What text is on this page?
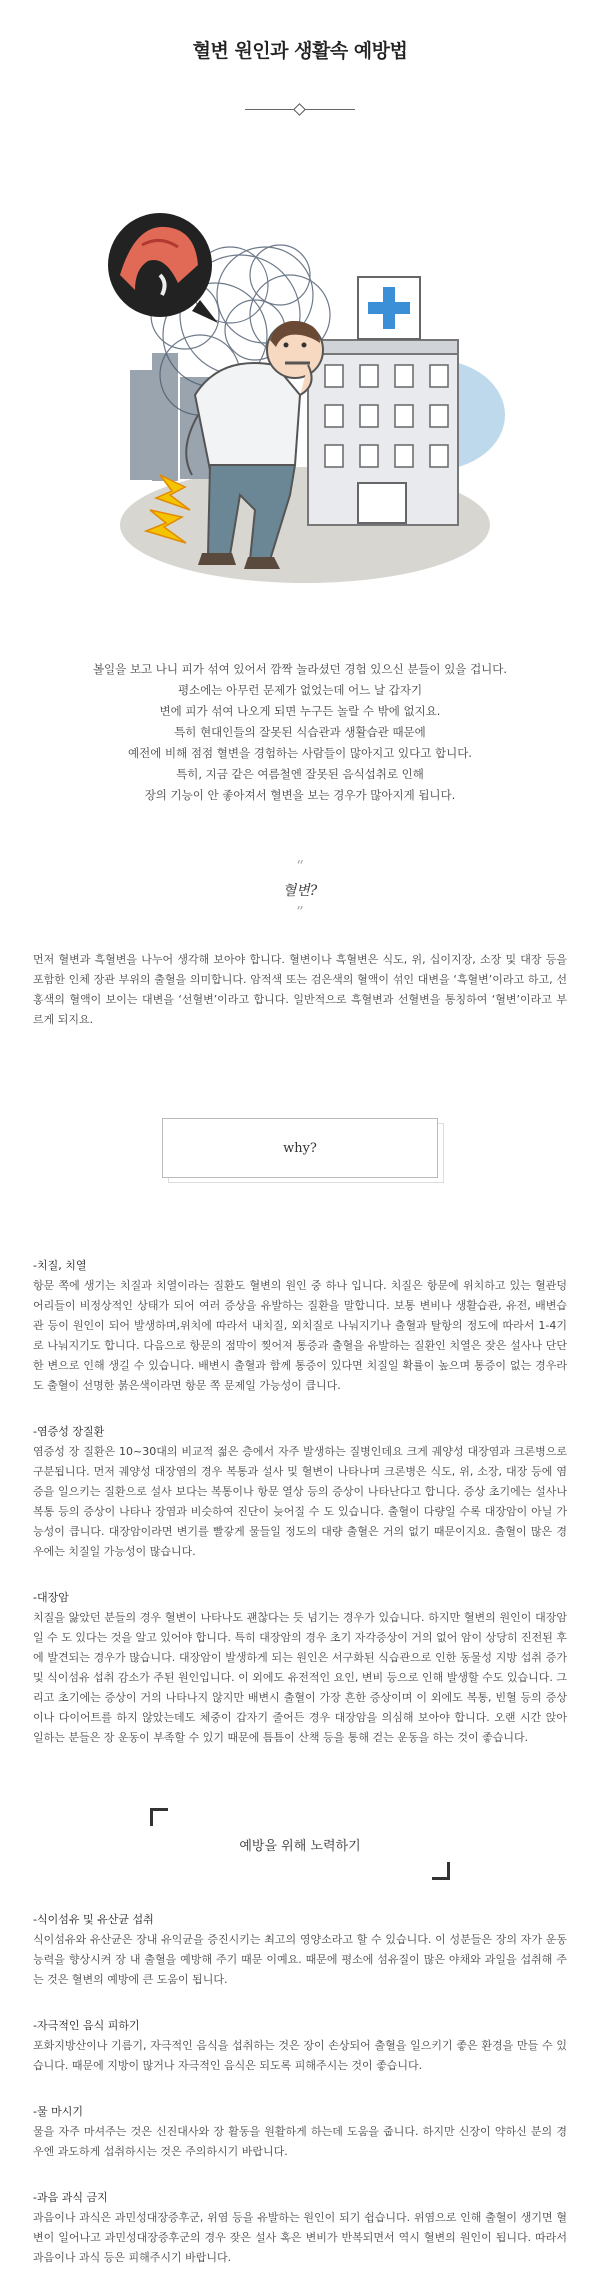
혈변 원인과 생활속 예방법

볼일을 보고 나니 피가 섞여 있어서 깜짝 놀라셨던 경험 있으신 분들이 있을 겁니다.

평소에는 아무런 문제가 없었는데 어느 날 갑자기

변에 피가 섞여 나오게 되면 누구든 놀랄 수 밖에 없지요.

특히 현대인들의 잘못된 식습관과 생활습관 때문에

예전에 비해 점점 혈변을 경험하는 사람들이 많아지고 있다고 합니다.

특히, 지금 같은 여름철엔 잘못된 음식섭취로 인해

장의 기능이 안 좋아져서 혈변을 보는 경우가 많아지게 됩니다.

“
혈변?
”

먼저 혈변과 흑혈변을 나누어 생각해 보아야 합니다. 혈변이나 흑혈변은 식도, 위, 십이지장, 소장 및 대장 등을 포함한 인체 장관 부위의 출혈을 의미합니다. 암적색 또는 검은색의 혈액이 섞인 대변을 ‘흑혈변’이라고 하고, 선홍색의 혈액이 보이는 대변을 ‘선혈변’이라고 합니다. 일반적으로 흑혈변과 선혈변을 통칭하여 ‘혈변’이라고 부르게 되지요.

why?
-치질, 치열

항문 쪽에 생기는 치질과 치열이라는 질환도 혈변의 원인 중 하나 입니다. 치질은 항문에 위치하고 있는 혈관덩어리들이 비정상적인 상태가 되어 여러 증상을 유발하는 질환을 말합니다. 보통 변비나 생활습관, 유전, 배변습관 등이 원인이 되어 발생하며,위치에 따라서 내치질, 외치질로 나눠지기나 출혈과 탈항의 정도에 따라서 1-4기로 나눠지기도 합니다. 다음으로 항문의 점막이 찢어져 통증과 출혈을 유발하는 질환인 치열은 잦은 설사나 단단한 변으로 인해 생길 수 있습니다. 배변시 출혈과 함께 통증이 있다면 치질일 확률이 높으며 통증이 없는 경우라도 출혈이 선명한 붉은색이라면 항문 쪽 문제일 가능성이 큽니다.

-염증성 장질환

염증성 장 질환은 10~30대의 비교적 젊은 층에서 자주 발생하는 질병인데요 크게 궤양성 대장염과 크론병으로 구분됩니다. 먼저 궤양성 대장염의 경우 복통과 설사 및 혈변이 나타나며 크론병은 식도, 위, 소장, 대장 등에 염증을 일으키는 질환으로 설사 보다는 복통이나 항문 열상 등의 증상이 나타난다고 합니다. 증상 초기에는 설사나 복통 등의 증상이 나타나 장염과 비슷하여 진단이 늦어질 수 도 있습니다. 출혈이 다량일 수록 대장암이 아닐 가능성이 큽니다. 대장암이라면 변기를 빨갛게 물들일 정도의 대량 출혈은 거의 없기 때문이지요. 출혈이 많은 경우에는 치질일 가능성이 많습니다.

-대장암

치질을 앓았던 분들의 경우 혈변이 나타나도 괜찮다는 듯 넘기는 경우가 있습니다. 하지만 혈변의 원인이 대장암일 수 도 있다는 것을 알고 있어야 합니다. 특히 대장암의 경우 초기 자각증상이 거의 없어 암이 상당히 진전된 후에 발견되는 경우가 많습니다. 대장암이 발생하게 되는 원인은 서구화된 식습관으로 인한 동물성 지방 섭취 증가 및 식이섬유 섭취 감소가 주된 원인입니다. 이 외에도 유전적인 요인, 변비 등으로 인해 발생할 수도 있습니다. 그리고 초기에는 증상이 거의 나타나지 않지만 배변시 출혈이 가장 흔한 증상이며 이 외에도 복통, 빈혈 등의 증상이나 다이어트를 하지 않았는데도 체중이 갑자기 줄어든 경우 대장암을 의심해 보아야 합니다. 오랜 시간 앉아 일하는 분들은 장 운동이 부족할 수 있기 때문에 틈틈이 산책 등을 통해 걷는 운동을 하는 것이 좋습니다.

예방을 위해 노력하기
-식이섬유 및 유산균 섭취

식이섬유와 유산균은 장내 유익균을 증진시키는 최고의 영양소라고 할 수 있습니다. 이 성분들은 장의 자가 운동 능력을 향상시켜 장 내 출혈을 예방해 주기 때문 이예요. 때문에 평소에 섬유질이 많은 야채와 과일을 섭취해 주는 것은 혈변의 예방에 큰 도움이 됩니다.

-자극적인 음식 피하기

포화지방산이나 기름기, 자극적인 음식을 섭취하는 것은 장이 손상되어 출혈을 일으키기 좋은 환경을 만들 수 있습니다. 때문에 지방이 많거나 자극적인 음식은 되도록 피해주시는 것이 좋습니다.

-물 마시기

물을 자주 마셔주는 것은 신진대사와 장 활동을 원활하게 하는데 도움을 줍니다. 하지만 신장이 약하신 분의 경우엔 과도하게 섭취하시는 것은 주의하시기 바랍니다.

-과음 과식 금지

과음이나 과식은 과민성대장증후군, 위염 등을 유발하는 원인이 되기 쉽습니다. 위염으로 인해 출혈이 생기면 혈변이 일어나고 과민성대장증후군의 경우 잦은 설사 혹은 변비가 반복되면서 역시 혈변의 원인이 됩니다. 따라서 과음이나 과식 등은 피해주시기 바랍니다.
